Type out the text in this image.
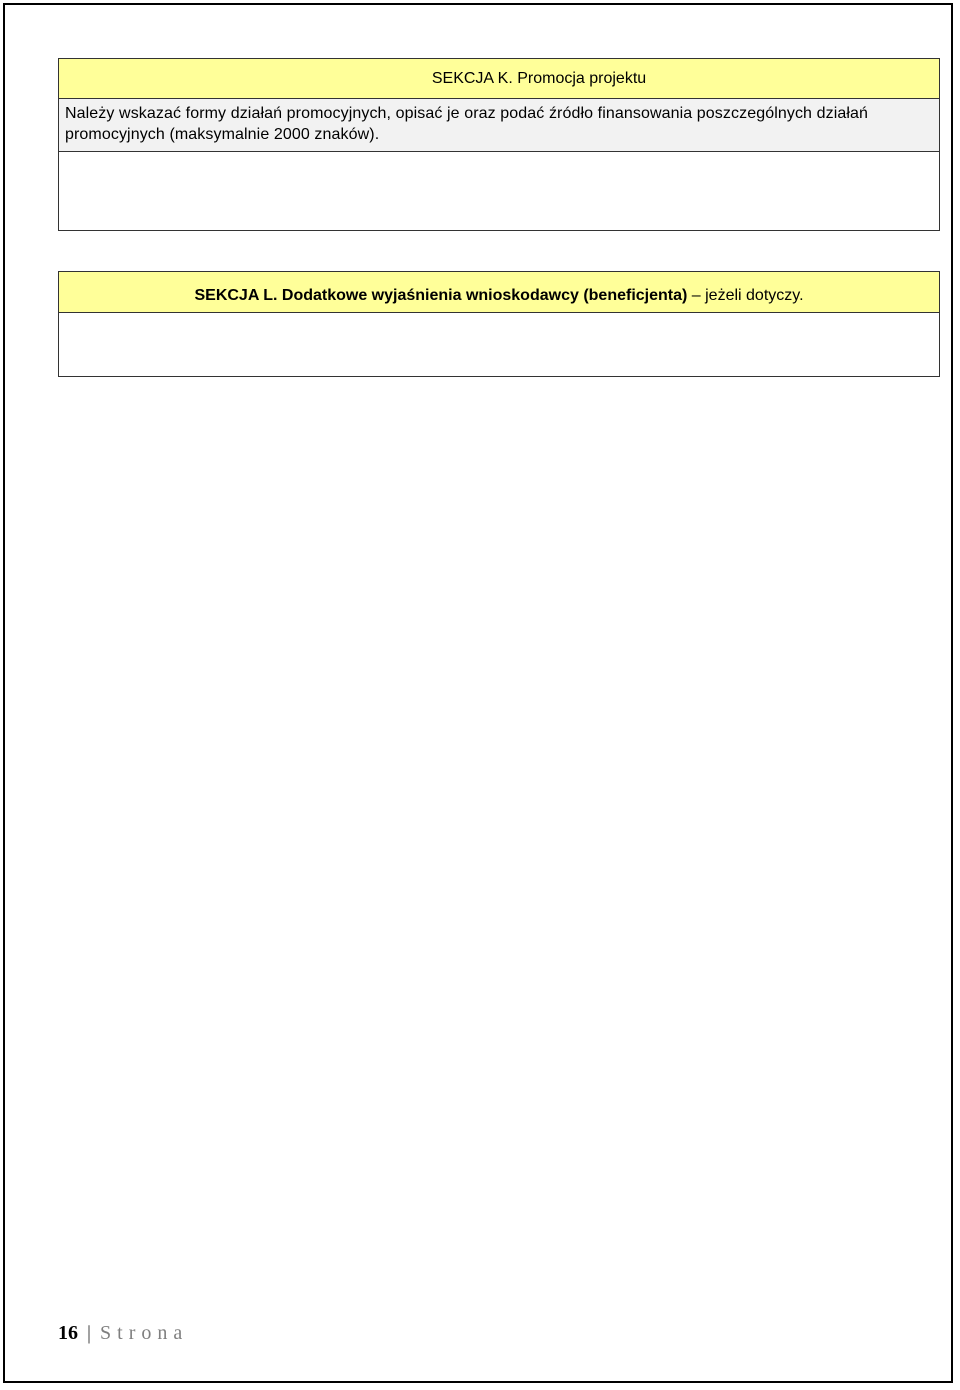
SEKCJA K. Promocja projektu
Należy wskazać formy działań promocyjnych, opisać je oraz podać źródło finansowania poszczególnych działań promocyjnych (maksymalnie 2000 znaków).

SEKCJA L. Dodatkowe wyjaśnienia wnioskodawcy (beneficjenta) – jeżeli dotyczy.

16 | Strona
